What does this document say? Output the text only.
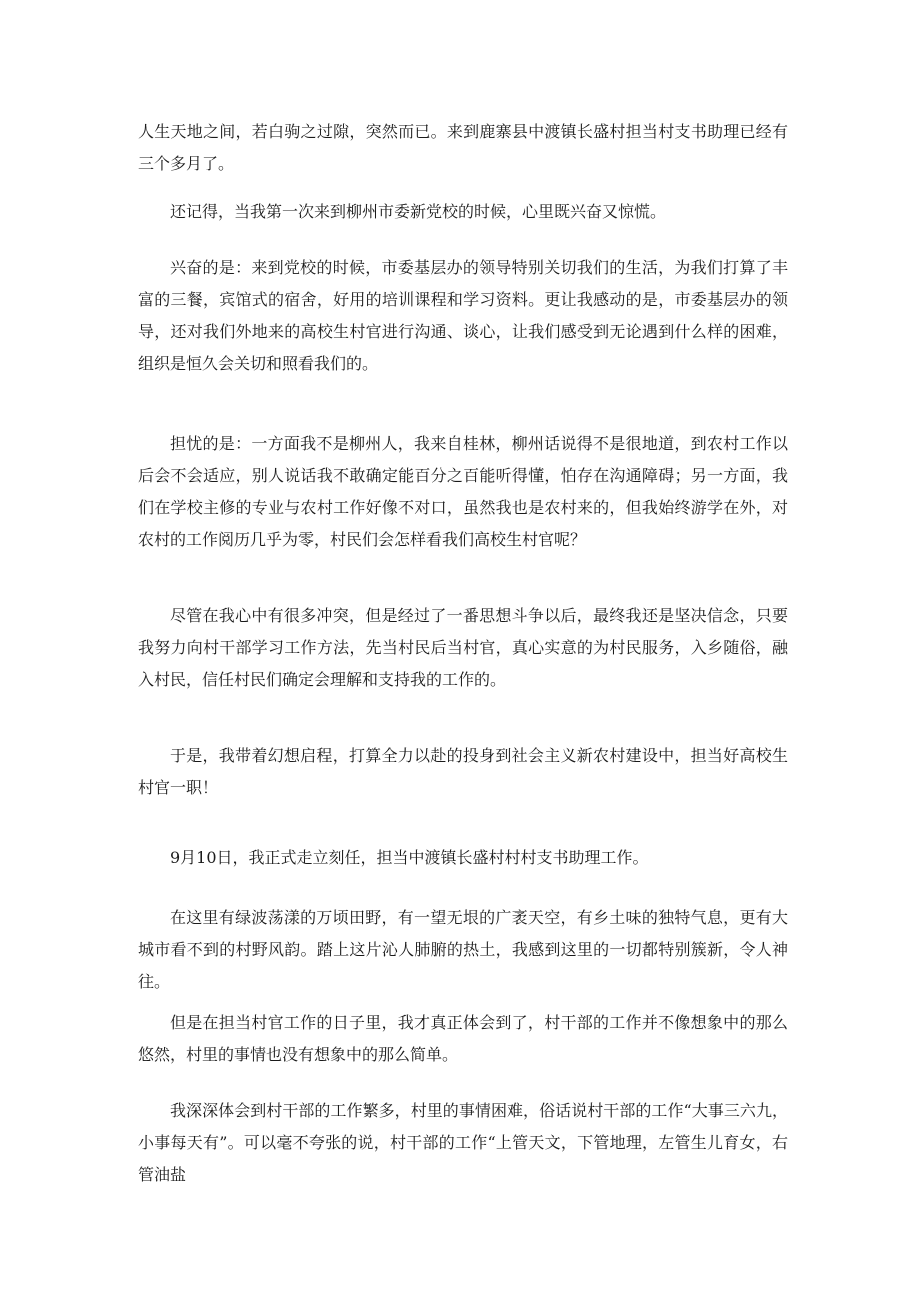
人生天地之间，若白驹之过隙，突然而已。来到鹿寨县中渡镇长盛村担当村支书助理已经有三个多月了。

还记得，当我第一次来到柳州市委新党校的时候，心里既兴奋又惊慌。

兴奋的是：来到党校的时候，市委基层办的领导特别关切我们的生活，为我们打算了丰富的三餐，宾馆式的宿舍，好用的培训课程和学习资料。更让我感动的是，市委基层办的领导，还对我们外地来的高校生村官进行沟通、谈心，让我们感受到无论遇到什么样的困难，组织是恒久会关切和照看我们的。

担忧的是：一方面我不是柳州人，我来自桂林，柳州话说得不是很地道，到农村工作以后会不会适应，别人说话我不敢确定能百分之百能听得懂，怕存在沟通障碍；另一方面，我们在学校主修的专业与农村工作好像不对口，虽然我也是农村来的，但我始终游学在外，对农村的工作阅历几乎为零，村民们会怎样看我们高校生村官呢？

尽管在我心中有很多冲突，但是经过了一番思想斗争以后，最终我还是坚决信念，只要我努力向村干部学习工作方法，先当村民后当村官，真心实意的为村民服务，入乡随俗，融入村民，信任村民们确定会理解和支持我的工作的。

于是，我带着幻想启程，打算全力以赴的投身到社会主义新农村建设中，担当好高校生村官一职！

9月10日，我正式走立刻任，担当中渡镇长盛村村村支书助理工作。

在这里有绿波荡漾的万顷田野，有一望无垠的广袤天空，有乡土味的独特气息，更有大城市看不到的村野风韵。踏上这片沁人肺腑的热土，我感到这里的一切都特别簇新，令人神往。

但是在担当村官工作的日子里，我才真正体会到了，村干部的工作并不像想象中的那么悠然，村里的事情也没有想象中的那么简单。

我深深体会到村干部的工作繁多，村里的事情困难，俗话说村干部的工作“大事三六九，小事每天有”。可以毫不夸张的说，村干部的工作“上管天文，下管地理，左管生儿育女，右管油盐
